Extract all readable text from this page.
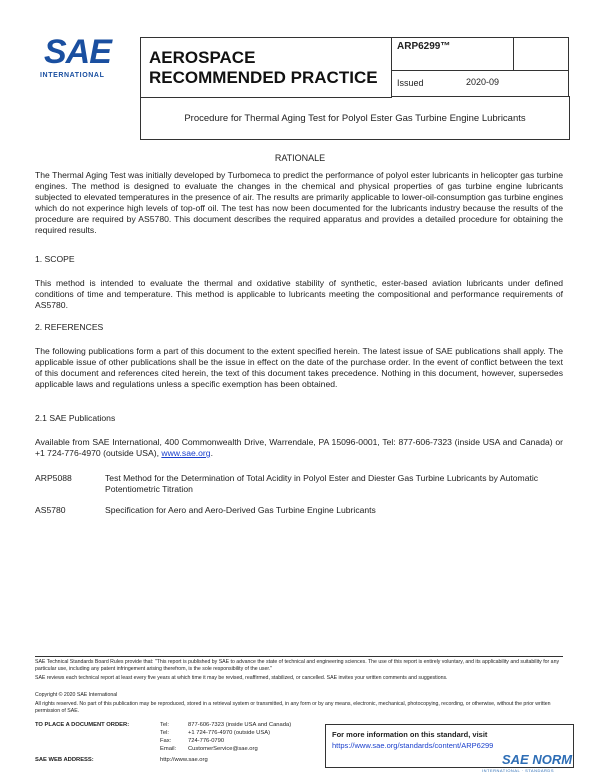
SAE
INTERNATIONAL
AEROSPACE
RECOMMENDED PRACTICE
ARP6299™
Issued	2020-09
Procedure for Thermal Aging Test for Polyol Ester Gas Turbine Engine Lubricants
RATIONALE
The Thermal Aging Test was initially developed by Turbomeca to predict the performance of polyol ester lubricants in helicopter gas turbine engines. The method is designed to evaluate the changes in the chemical and physical properties of gas turbine engine lubricants subjected to elevated temperatures in the presence of air. The results are primarily applicable to lower-oil-consumption gas turbine engines which do not experince high levels of top-off oil. The test has now been documented for the lubricants industry because the results of the procedure are required by AS5780. This document describes the required apparatus and provides a detailed procedure for obtaining the required results.
1. SCOPE
This method is intended to evaluate the thermal and oxidative stability of synthetic, ester-based aviation lubricants under defined conditions of time and temperature. This method is applicable to lubricants meeting the compositional and performance requirements of AS5780.
2. REFERENCES
The following publications form a part of this document to the extent specified herein. The latest issue of SAE publications shall apply. The applicable issue of other publications shall be the issue in effect on the date of the purchase order. In the event of conflict between the text of this document and references cited herein, the text of this document takes precedence. Nothing in this document, however, supersedes applicable laws and regulations unless a specific exemption has been obtained.
2.1 SAE Publications
Available from SAE International, 400 Commonwealth Drive, Warrendale, PA 15096-0001, Tel: 877-606-7323 (inside USA and Canada) or +1 724-776-4970 (outside USA), www.sae.org.
ARP5088	Test Method for the Determination of Total Acidity in Polyol Ester and Diester Gas Turbine Lubricants by Automatic Potentiometric Titration
AS5780	Specification for Aero and Aero-Derived Gas Turbine Engine Lubricants
SAE Technical Standards Board Rules provide that: "This report is published by SAE to advance the state of technical and engineering sciences. The use of this report is entirely voluntary, and its applicability and suitability for any particular use, including any patent infringement arising therefrom, is the sole responsibility of the user."
SAE reviews each technical report at least every five years at which time it may be revised, reaffirmed, stabilized, or cancelled. SAE invites your written comments and suggestions.
Copyright © 2020 SAE International
All rights reserved. No part of this publication may be reproduced, stored in a retrieval system or transmitted, in any form or by any means, electronic, mechanical, photocopying, recording, or otherwise, without the prior written permission of SAE.
TO PLACE A DOCUMENT ORDER:	Tel:	877-606-7323 (inside USA and Canada)
Tel:	+1 724-776-4970 (outside USA)
Fax:	724-776-0790
Email: CustomerService@sae.org
SAE WEB ADDRESS:	http://www.sae.org
For more information on this standard, visit
https://www.sae.org/standards/content/ARP6299
SAE NORM
INTERNATIONAL · STANDARDS
